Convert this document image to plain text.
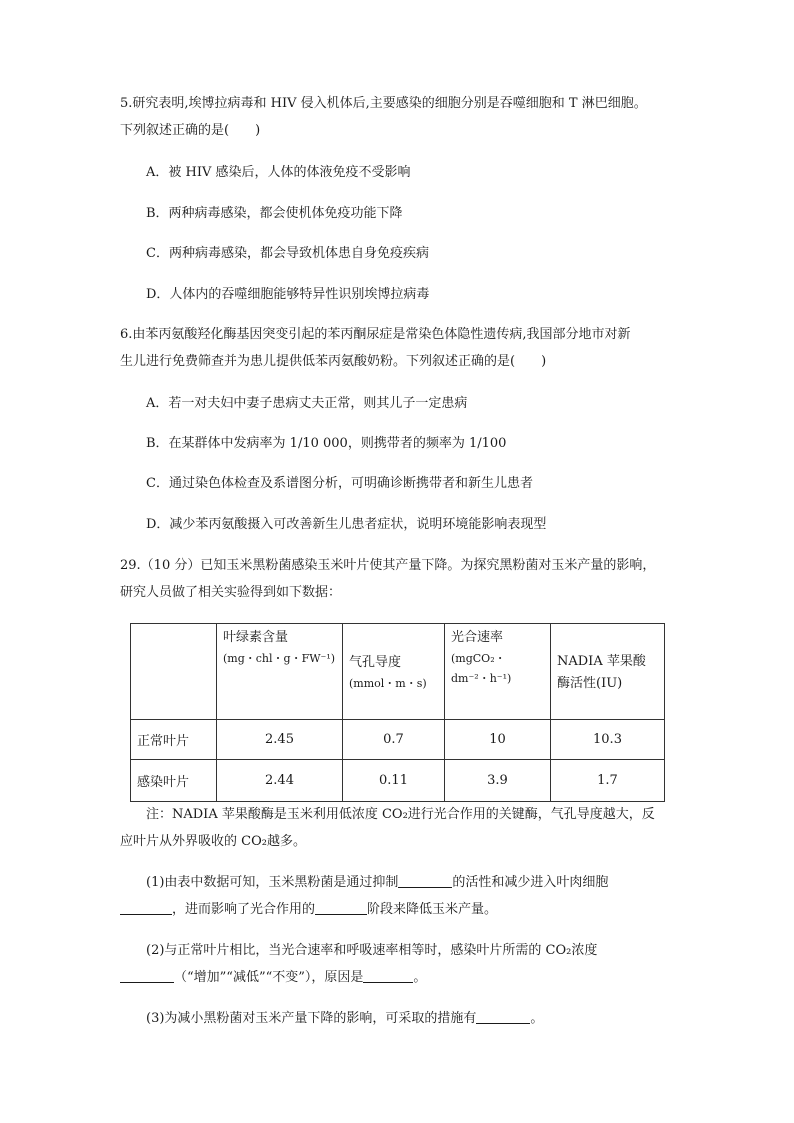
5.研究表明,埃博拉病毒和 HIV 侵入机体后,主要感染的细胞分别是吞噬细胞和 T 淋巴细胞。
下列叙述正确的是(　　)
A．被 HIV 感染后，人体的体液免疫不受影响
B．两种病毒感染，都会使机体免疫功能下降
C．两种病毒感染，都会导致机体患自身免疫疾病
D．人体内的吞噬细胞能够特异性识别埃博拉病毒
6.由苯丙氨酸羟化酶基因突变引起的苯丙酮尿症是常染色体隐性遗传病,我国部分地市对新
生儿进行免费筛查并为患儿提供低苯丙氨酸奶粉。下列叙述正确的是(　　)
A．若一对夫妇中妻子患病丈夫正常，则其儿子一定患病
B．在某群体中发病率为 1/10 000，则携带者的频率为 1/100
C．通过染色体检查及系谱图分析，可明确诊断携带者和新生儿患者
D．减少苯丙氨酸摄入可改善新生儿患者症状，说明环境能影响表现型
29.（10 分）已知玉米黑粉菌感染玉米叶片使其产量下降。为探究黑粉菌对玉米产量的影响，
研究人员做了相关实验得到如下数据：

	叶绿素含量
(mg・chl・g・FW⁻¹)	气孔导度
(mmol・m・s)	光合速率
(mgCO₂・dm⁻²・h⁻¹)	NADIA 苹果酸酶活性(IU)

正常叶片	2.45	0.7	10	10.3
感染叶片	2.44	0.11	3.9	1.7
注：NADIA 苹果酸酶是玉米利用低浓度 CO₂进行光合作用的关键酶，气孔导度越大，反
应叶片从外界吸收的 CO₂越多。
(1)由表中数据可知，玉米黑粉菌是通过抑制	的活性和减少进入叶肉细胞
，进而影响了光合作用的	阶段来降低玉米产量。
(2)与正常叶片相比，当光合速率和呼吸速率相等时，感染叶片所需的 CO₂浓度
（“增加”“减低”“不变”），原因是	。
(3)为减小黑粉菌对玉米产量下降的影响，可采取的措施有	。
